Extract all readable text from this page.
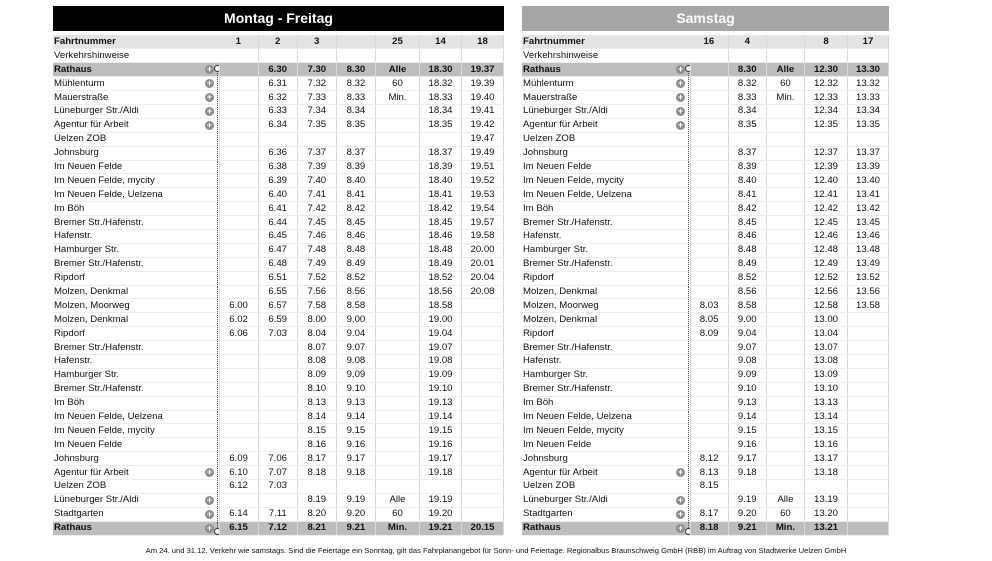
Montag - Freitag
Fahrtnummer		1	2	3		25	14	18
Verkehrshinweise								
Rathaus	+		6.30	7.30	8.30	Alle	18.30	19.37
Mühlenturm	+		6.31	7.32	8.32	60	18.32	19.39
Mauerstraße	+		6.32	7.33	8.33	Min.	18.33	19.40
Lüneburger Str./Aldi	+		6.33	7.34	8.34		18.34	19.41
Agentur für Arbeit	+		6.34	7.35	8.35		18.35	19.42
Uelzen ZOB								19.47
Johnsburg			6.36	7.37	8.37		18.37	19.49
Im Neuen Felde			6.38	7.39	8.39		18.39	19.51
Im Neuen Felde, mycity			6.39	7.40	8.40		18.40	19.52
Im Neuen Felde, Uelzena			6.40	7.41	8.41		18.41	19.53
Im Böh			6.41	7.42	8.42		18.42	19.54
Bremer Str./Hafenstr.			6.44	7.45	8.45		18.45	19.57
Hafenstr.			6.45	7.46	8.46		18.46	19.58
Hamburger Str.			6.47	7.48	8.48		18.48	20.00
Bremer Str./Hafenstr.			6.48	7.49	8.49		18.49	20.01
Ripdorf			6.51	7.52	8.52		18.52	20.04
Molzen, Denkmal			6.55	7.56	8.56		18.56	20.08
Molzen, Moorweg		6.00	6.57	7.58	8.58		18.58	
Molzen, Denkmal		6.02	6.59	8.00	9.00		19.00	
Ripdorf		6.06	7.03	8.04	9.04		19.04	
Bremer Str./Hafenstr.				8.07	9.07		19.07	
Hafenstr.				8.08	9.08		19.08	
Hamburger Str.				8.09	9.09		19.09	
Bremer Str./Hafenstr.				8.10	9.10		19.10	
Im Böh				8.13	9.13		19.13	
Im Neuen Felde, Uelzena				8.14	9.14		19.14	
Im Neuen Felde, mycity				8.15	9.15		19.15	
Im Neuen Felde				8.16	9.16		19.16	
Johnsburg		6.09	7.06	8.17	9.17		19.17	
Agentur für Arbeit	+	6.10	7.07	8.18	9.18		19.18	
Uelzen ZOB		6.12	7.03					
Lüneburger Str./Aldi	+			8.19	9.19	Alle	19.19	
Stadtgarten	+	6.14	7.11	8.20	9.20	60	19.20	
Rathaus	+	6.15	7.12	8.21	9.21	Min.	19.21	20.15
Samstag
Fahrtnummer		16	4		8	17
Verkehrshinweise						
Rathaus	+		8.30	Alle	12.30	13.30
Mühlenturm	+		8.32	60	12.32	13.32
Mauerstraße	+		8.33	Min.	12.33	13.33
Lüneburger Str./Aldi	+		8.34		12.34	13.34
Agentur für Arbeit	+		8.35		12.35	13.35
Uelzen ZOB	

Johnsburg			8.37		12.37	13.37
Im Neuen Felde			8.39		12.39	13.39
Im Neuen Felde, mycity			8.40		12.40	13.40
Im Neuen Felde, Uelzena			8.41		12.41	13.41
Im Böh			8.42		12.42	13.42
Bremer Str./Hafenstr.			8.45		12.45	13.45
Hafenstr.			8.46		12.46	13.46
Hamburger Str.			8.48		12.48	13.48
Bremer Str./Hafenstr.			8.49		12.49	13.49
Ripdorf			8.52		12.52	13.52
Molzen, Denkmal			8.56		12.56	13.56
Molzen, Moorweg		8.03	8.58		12.58	13.58
Molzen, Denkmal		8.05	9.00		13.00	
Ripdorf		8.09	9.04		13.04	
Bremer Str./Hafenstr.			9.07		13.07	
Hafenstr.			9.08		13.08	
Hamburger Str.			9.09		13.09	
Bremer Str./Hafenstr.			9.10		13.10	
Im Böh			9.13		13.13	
Im Neuen Felde, Uelzena			9.14		13.14	
Im Neuen Felde, mycity			9.15		13.15	
Im Neuen Felde			9.16		13.16	
Johnsburg		8.12	9.17		13.17	
Agentur für Arbeit	+	8.13	9.18		13.18	
Uelzen ZOB		8.15				
Lüneburger Str./Aldi	+		9.19	Alle	13.19	
Stadtgarten	+	8.17	9.20	60	13.20	
Rathaus	+	8.18	9.21	Min.	13.21	
Am 24. und 31.12. Verkehr wie samstags. Sind die Feiertage ein Sonntag, gilt das Fahrplanangebot für Sonn- und Feiertage. Regionalbus Braunschweig GmbH (RBB) im Auftrag von Stadtwerke Uelzen GmbH
